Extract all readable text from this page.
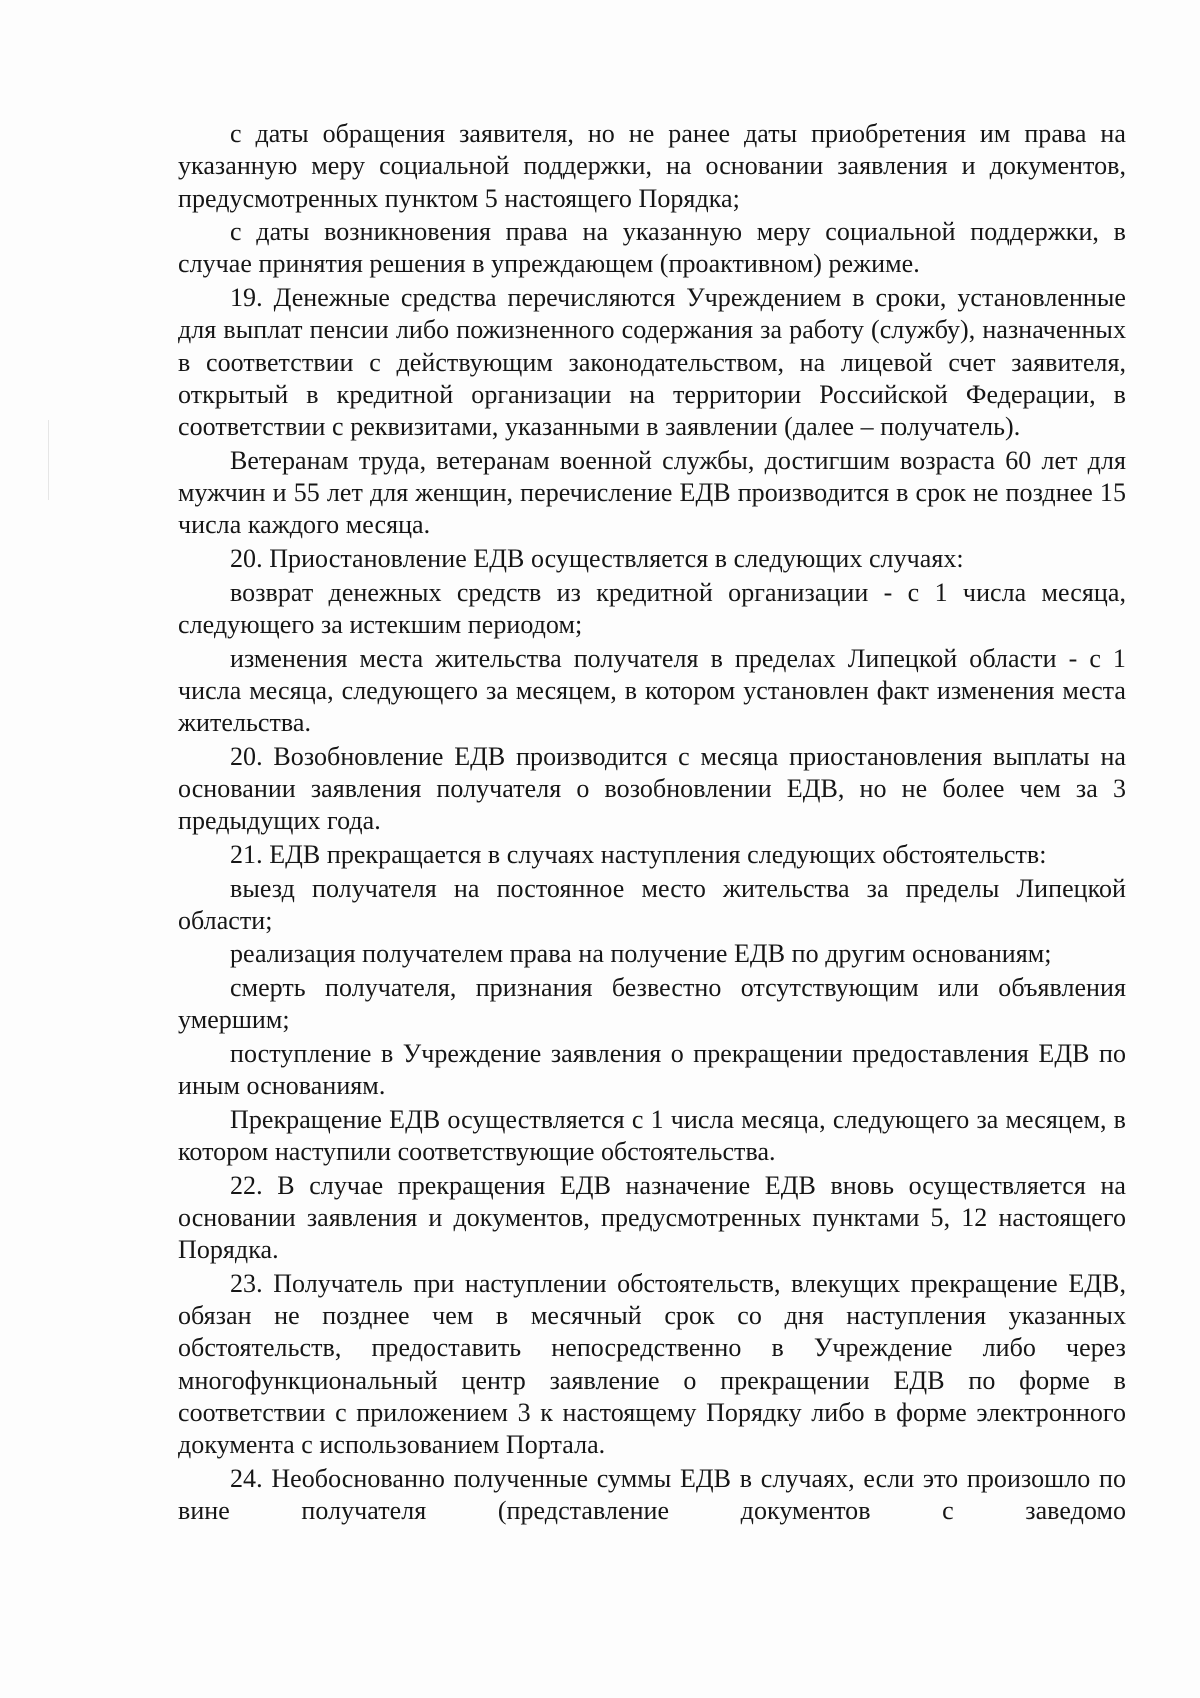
с даты обращения заявителя, но не ранее даты приобретения им права на указанную меру социальной поддержки, на основании заявления и документов, предусмотренных пунктом 5 настоящего Порядка;

с даты возникновения права на указанную меру социальной поддержки, в случае принятия решения в упреждающем (проактивном) режиме.

19. Денежные средства перечисляются Учреждением в сроки, установленные для выплат пенсии либо пожизненного содержания за работу (службу), назначенных в соответствии с действующим законодательством, на лицевой счет заявителя, открытый в кредитной организации на территории Российской Федерации, в соответствии с реквизитами, указанными в заявлении (далее – получатель).

Ветеранам труда, ветеранам военной службы, достигшим возраста 60 лет для мужчин и 55 лет для женщин, перечисление ЕДВ производится в срок не позднее 15 числа каждого месяца.

20. Приостановление ЕДВ осуществляется в следующих случаях:

возврат денежных средств из кредитной организации - с 1 числа месяца, следующего за истекшим периодом;

изменения места жительства получателя в пределах Липецкой области - с 1 числа месяца, следующего за месяцем, в котором установлен факт изменения места жительства.

20. Возобновление ЕДВ производится с месяца приостановления выплаты на основании заявления получателя о возобновлении ЕДВ, но не более чем за 3 предыдущих года.

21. ЕДВ прекращается в случаях наступления следующих обстоятельств:

выезд получателя на постоянное место жительства за пределы Липецкой области;

реализация получателем права на получение ЕДВ по другим основаниям;

смерть получателя, признания безвестно отсутствующим или объявления умершим;

поступление в Учреждение заявления о прекращении предоставления ЕДВ по иным основаниям.

Прекращение ЕДВ осуществляется с 1 числа месяца, следующего за месяцем, в котором наступили соответствующие обстоятельства.

22. В случае прекращения ЕДВ назначение ЕДВ вновь осуществляется на основании заявления и документов, предусмотренных пунктами 5, 12 настоящего Порядка.

23. Получатель при наступлении обстоятельств, влекущих прекращение ЕДВ, обязан не позднее чем в месячный срок со дня наступления указанных обстоятельств, предоставить непосредственно в Учреждение либо через многофункциональный центр заявление о прекращении ЕДВ по форме в соответствии с приложением 3 к настоящему Порядку либо в форме электронного документа с использованием Портала.

24. Необоснованно полученные суммы ЕДВ в случаях, если это произошло по вине получателя (представление документов с заведомо
